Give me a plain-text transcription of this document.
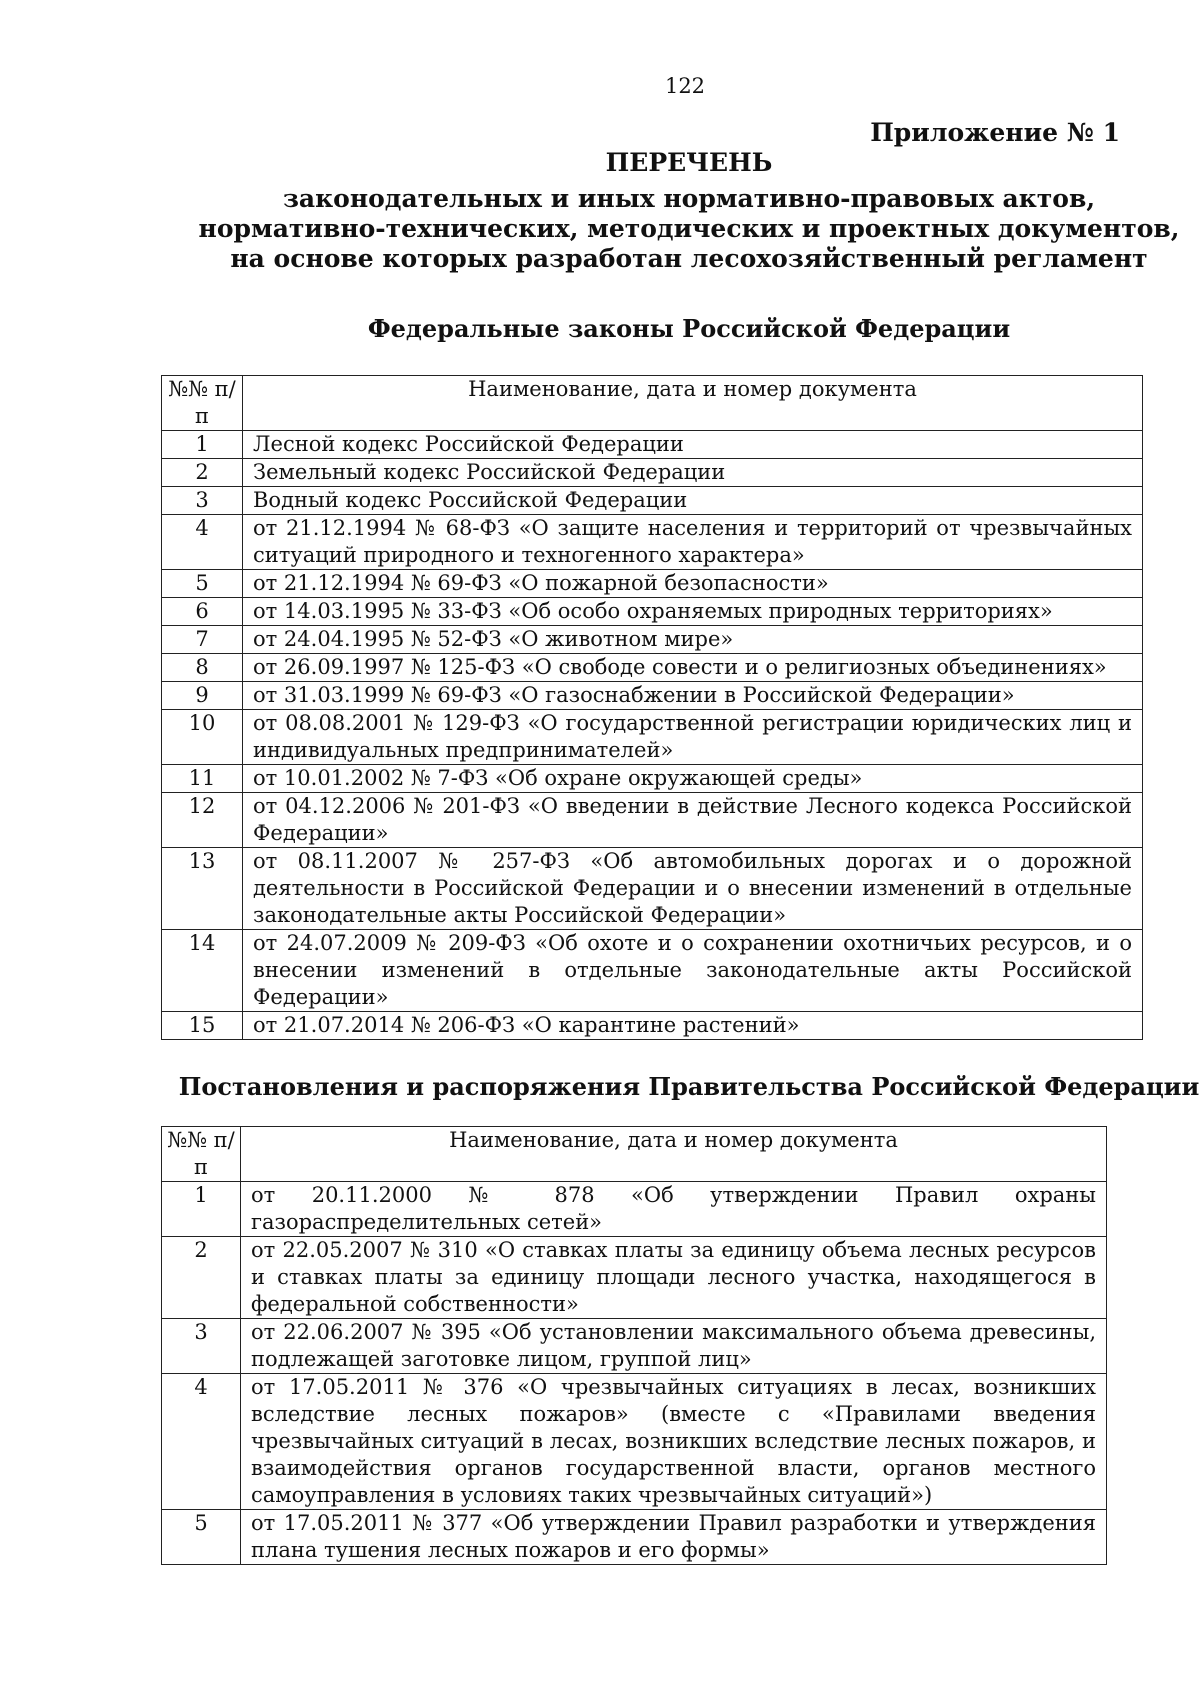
122
Приложение № 1
ПЕРЕЧЕНЬ
законодательных и иных нормативно-правовых актов,
нормативно-технических, методических и проектных документов,
на основе которых разработан лесохозяйственный регламент
Федеральные законы Российской Федерации
№№ п/п	Наименование, дата и номер документа
1	Лесной кодекс Российской Федерации
2	Земельный кодекс Российской Федерации
3	Водный кодекс Российской Федерации
4	от 21.12.1994 № 68-ФЗ «О защите населения и территорий от чрезвычайных ситуаций природного и техногенного характера»
5	от 21.12.1994 № 69-ФЗ «О пожарной безопасности»
6	от 14.03.1995 № 33-ФЗ «Об особо охраняемых природных территориях»
7	от 24.04.1995 № 52-ФЗ «О животном мире»
8	от 26.09.1997 № 125-ФЗ «О свободе совести и о религиозных объединениях»
9	от 31.03.1999 № 69-ФЗ «О газоснабжении в Российской Федерации»
10	от 08.08.2001 № 129-ФЗ «О государственной регистрации юридических лиц и индивидуальных предпринимателей»
11	от 10.01.2002 № 7-ФЗ «Об охране окружающей среды»
12	от 04.12.2006 № 201-ФЗ «О введении в действие Лесного кодекса Российской Федерации»
13	от 08.11.2007 № 257-ФЗ «Об автомобильных дорогах и о дорожной деятельности в Российской Федерации и о внесении изменений в отдельные законодательные акты Российской Федерации»
14	от 24.07.2009 № 209-ФЗ «Об охоте и о сохранении охотничьих ресурсов, и о внесении изменений в отдельные законодательные акты Российской Федерации»
15	от 21.07.2014 № 206-ФЗ «О карантине растений»
Постановления и распоряжения Правительства Российской Федерации
№№ п/п	Наименование, дата и номер документа
1	от 20.11.2000 № 878 «Об утверждении Правил охраны газораспределительных сетей»
2	от 22.05.2007 № 310 «О ставках платы за единицу объема лесных ресурсов и ставках платы за единицу площади лесного участка, находящегося в федеральной собственности»
3	от 22.06.2007 № 395 «Об установлении максимального объема древесины, подлежащей заготовке лицом, группой лиц»
4	от 17.05.2011 № 376 «О чрезвычайных ситуациях в лесах, возникших вследствие лесных пожаров» (вместе с «Правилами введения чрезвычайных ситуаций в лесах, возникших вследствие лесных пожаров, и взаимодействия органов государственной власти, органов местного самоуправления в условиях таких чрезвычайных ситуаций»)
5	от 17.05.2011 № 377 «Об утверждении Правил разработки и утверждения плана тушения лесных пожаров и его формы»
